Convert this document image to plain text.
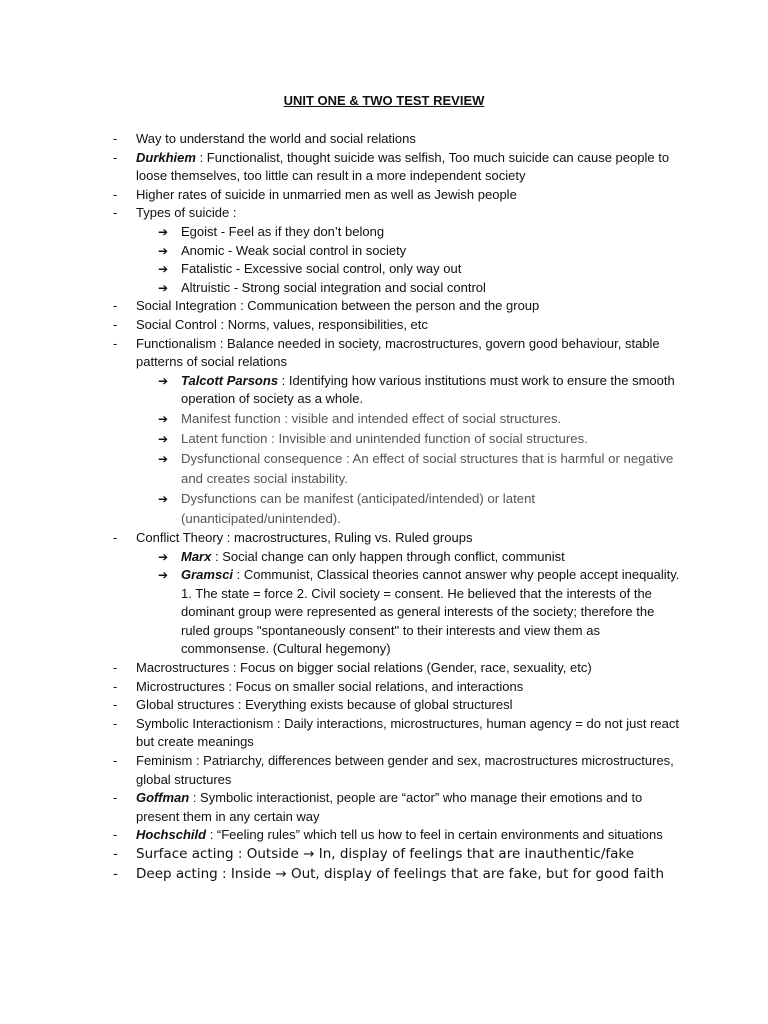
UNIT ONE & TWO TEST REVIEW
- Way to understand the world and social relations
- Durkhiem : Functionalist, thought suicide was selfish, Too much suicide can cause people to loose themselves, too little can result in a more independent society
- Higher rates of suicide in unmarried men as well as Jewish people
- Types of suicide :
➔ Egoist - Feel as if they don’t belong
➔ Anomic - Weak social control in society
➔ Fatalistic - Excessive social control, only way out
➔ Altruistic - Strong social integration and social control
- Social Integration : Communication between the person and the group
- Social Control : Norms, values, responsibilities, etc
- Functionalism : Balance needed in society, macrostructures, govern good behaviour, stable patterns of social relations
➔ Talcott Parsons : Identifying how various institutions must work to ensure the smooth operation of society as a whole.
➔ Manifest function : visible and intended effect of social structures.
➔ Latent function : Invisible and unintended function of social structures.
➔ Dysfunctional consequence : An effect of social structures that is harmful or negative and creates social instability.
➔ Dysfunctions can be manifest (anticipated/intended) or latent (unanticipated/unintended).
- Conflict Theory : macrostructures, Ruling vs. Ruled groups
➔ Marx : Social change can only happen through conflict, communist
➔ Gramsci : Communist, Classical theories cannot answer why people accept inequality. 1. The state = force 2. Civil society = consent. He believed that the interests of the dominant group were represented as general interests of the society; therefore the ruled groups "spontaneously consent" to their interests and view them as commonsense. (Cultural hegemony)
- Macrostructures : Focus on bigger social relations (Gender, race, sexuality, etc)
- Microstructures : Focus on smaller social relations, and interactions
- Global structures : Everything exists because of global structuresl
- Symbolic Interactionism : Daily interactions, microstructures, human agency = do not just react but create meanings
- Feminism : Patriarchy, differences between gender and sex, macrostructures microstructures, global structures
- Goffman : Symbolic interactionist, people are “actor” who manage their emotions and to present them in any certain way
- Hochschild : “Feeling rules” which tell us how to feel in certain environments and situations
- Surface acting : Outside → In, display of feelings that are inauthentic/fake
- Deep acting : Inside → Out, display of feelings that are fake, but for good faith
